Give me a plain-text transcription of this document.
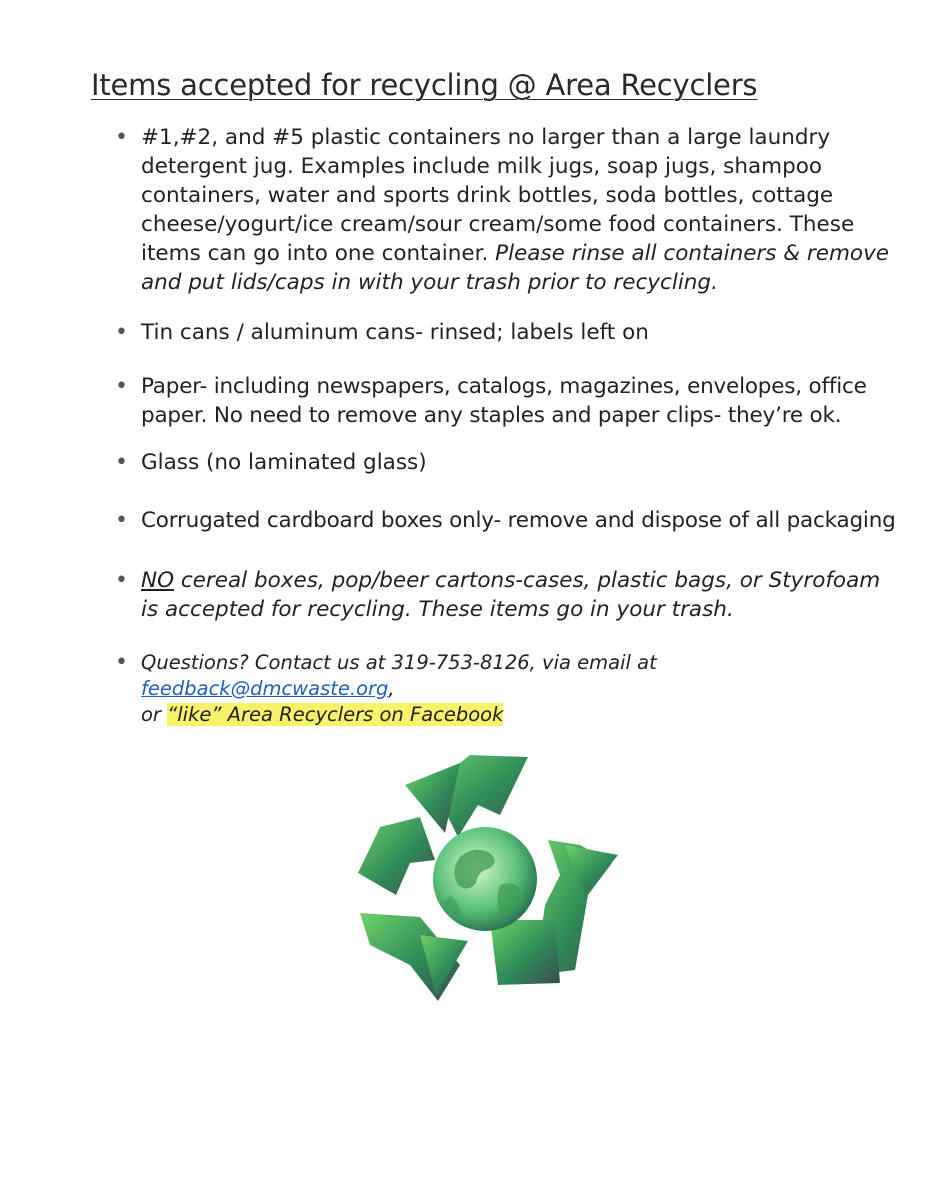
Items accepted for recycling @ Area Recyclers
• #1,#2, and #5 plastic containers no larger than a large laundry detergent jug. Examples include milk jugs, soap jugs, shampoo containers, water and sports drink bottles, soda bottles, cottage cheese/yogurt/ice cream/sour cream/some food containers. These items can go into one container. Please rinse all containers & remove and put lids/caps in with your trash prior to recycling.
• Tin cans / aluminum cans- rinsed; labels left on
• Paper- including newspapers, catalogs, magazines, envelopes, office paper. No need to remove any staples and paper clips- they’re ok.
• Glass (no laminated glass)
• Corrugated cardboard boxes only- remove and dispose of all packaging
• NO cereal boxes, pop/beer cartons-cases, plastic bags, or Styrofoam is accepted for recycling. These items go in your trash.
• Questions? Contact us at 319-753-8126, via email at feedback@dmcwaste.org,
or “like” Area Recyclers on Facebook
